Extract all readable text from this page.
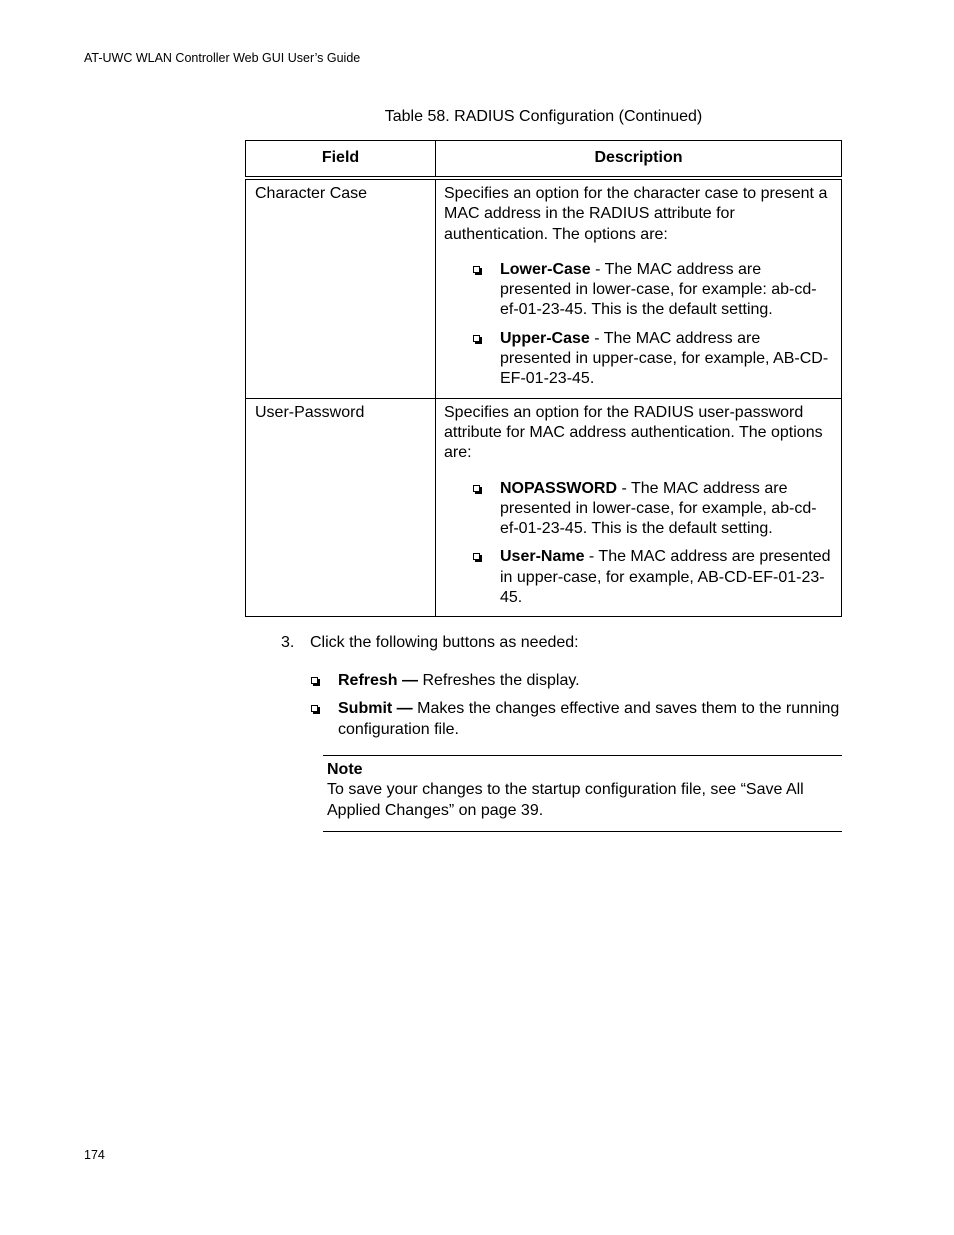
AT-UWC WLAN Controller Web GUI User’s Guide
Table 58. RADIUS Configuration (Continued)
Field	Description
Character Case	Specifies an option for the character case to present a MAC address in the RADIUS attribute for authentication. The options are:
Lower-Case - The MAC address are presented in lower-case, for example: ab-cd-ef-01-23-45. This is the default setting.
Upper-Case - The MAC address are presented in upper-case, for example, AB-CD-EF-01-23-45.

User-Password	Specifies an option for the RADIUS user-password attribute for MAC address authentication. The options are:
NOPASSWORD - The MAC address are presented in lower-case, for example, ab-cd-ef-01-23-45. This is the default setting.
User-Name - The MAC address are presented in upper-case, for example, AB-CD-EF-01-23-45.
3. Click the following buttons as needed:
Refresh — Refreshes the display.
Submit — Makes the changes effective and saves them to the running configuration file.
Note
To save your changes to the startup configuration file, see “Save All Applied Changes” on page 39.
174
